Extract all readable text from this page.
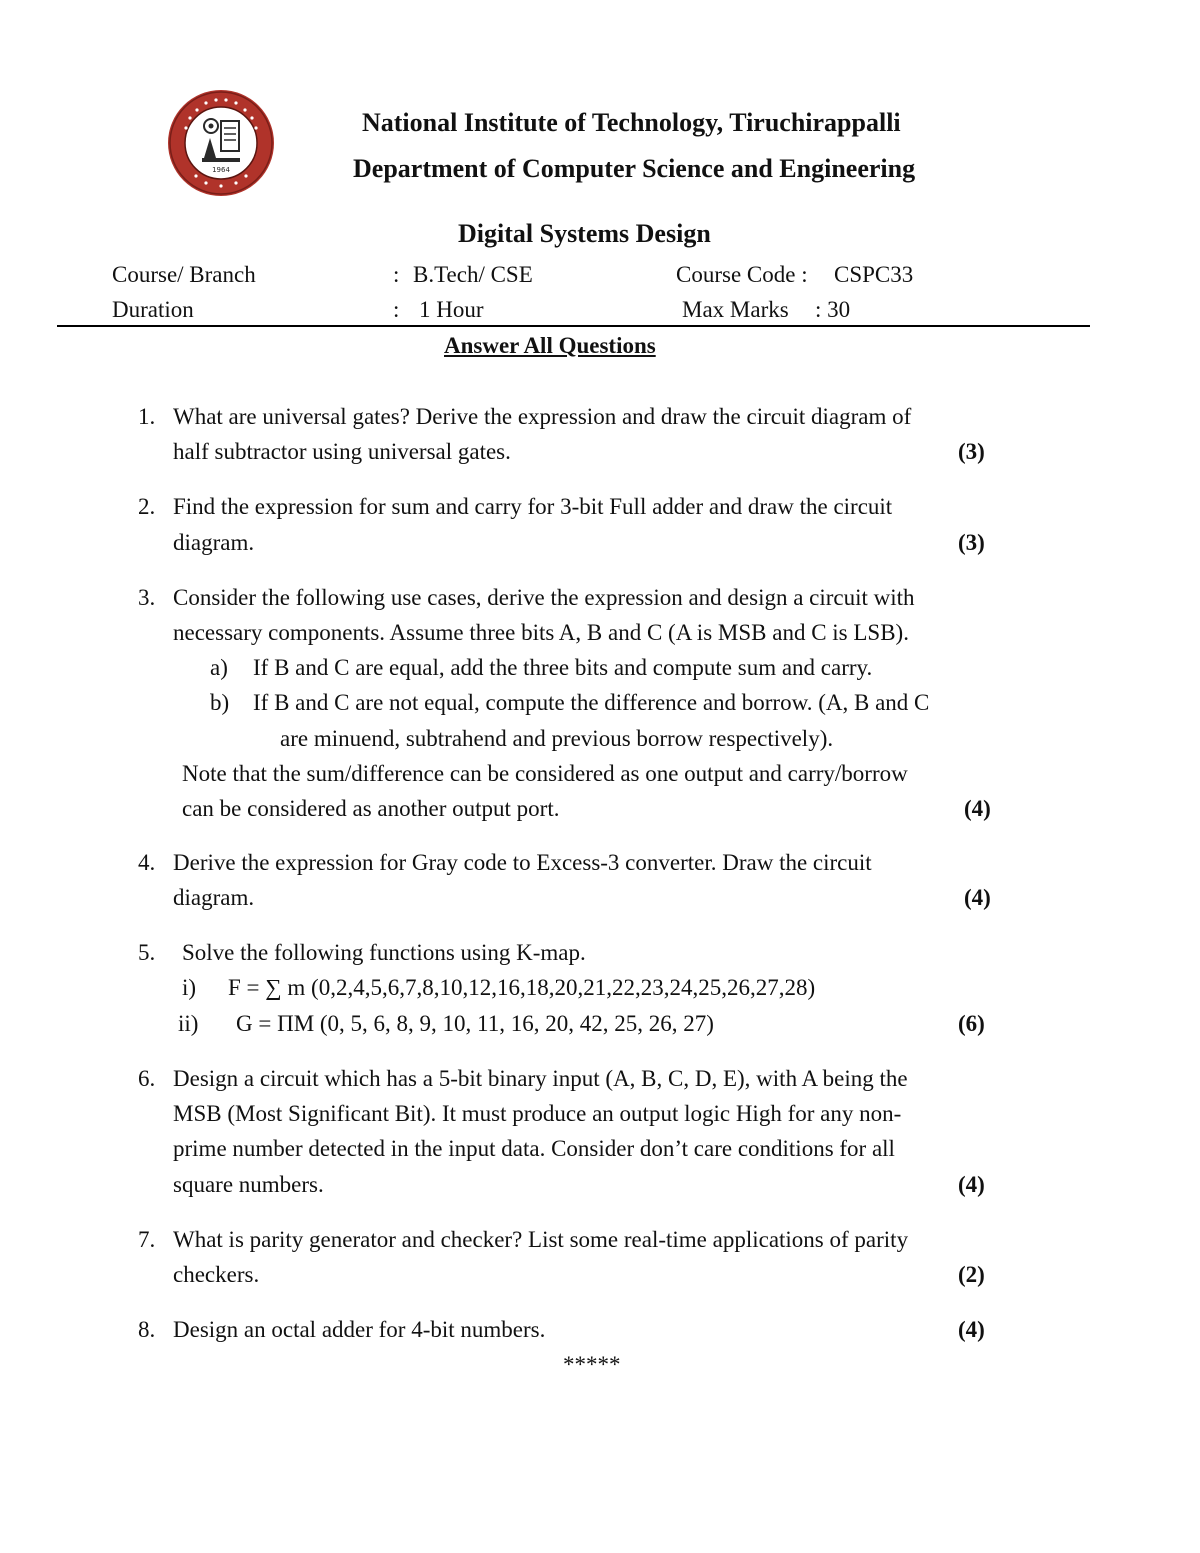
1964
National Institute of Technology, Tiruchirappalli
Department of Computer Science and Engineering
Digital Systems Design
Course/ Branch	: B.Tech/ CSE	Course Code : CSPC33
Duration	: 1 Hour	Max Marks : 30
Answer All Questions
1. What are universal gates? Derive the expression and draw the circuit diagram of
half subtractor using universal gates.	(3)
2. Find the expression for sum and carry for 3-bit Full adder and draw the circuit
diagram.	(3)
3. Consider the following use cases, derive the expression and design a circuit with
necessary components. Assume three bits A, B and C (A is MSB and C is LSB).
a) If B and C are equal, add the three bits and compute sum and carry.
b) If B and C are not equal, compute the difference and borrow. (A, B and C
are minuend, subtrahend and previous borrow respectively).
Note that the sum/difference can be considered as one output and carry/borrow
can be considered as another output port.	(4)
4. Derive the expression for Gray code to Excess-3 converter. Draw the circuit
diagram.	(4)
5. Solve the following functions using K-map.
i) F = ∑ m (0,2,4,5,6,7,8,10,12,16,18,20,21,22,23,24,25,26,27,28)
ii) G = ΠM (0, 5, 6, 8, 9, 10, 11, 16, 20, 42, 25, 26, 27)	(6)
6. Design a circuit which has a 5-bit binary input (A, B, C, D, E), with A being the
MSB (Most Significant Bit). It must produce an output logic High for any non-
prime number detected in the input data. Consider don’t care conditions for all
square numbers.	(4)
7. What is parity generator and checker? List some real-time applications of parity
checkers.	(2)
8. Design an octal adder for 4-bit numbers.	(4)
*****
